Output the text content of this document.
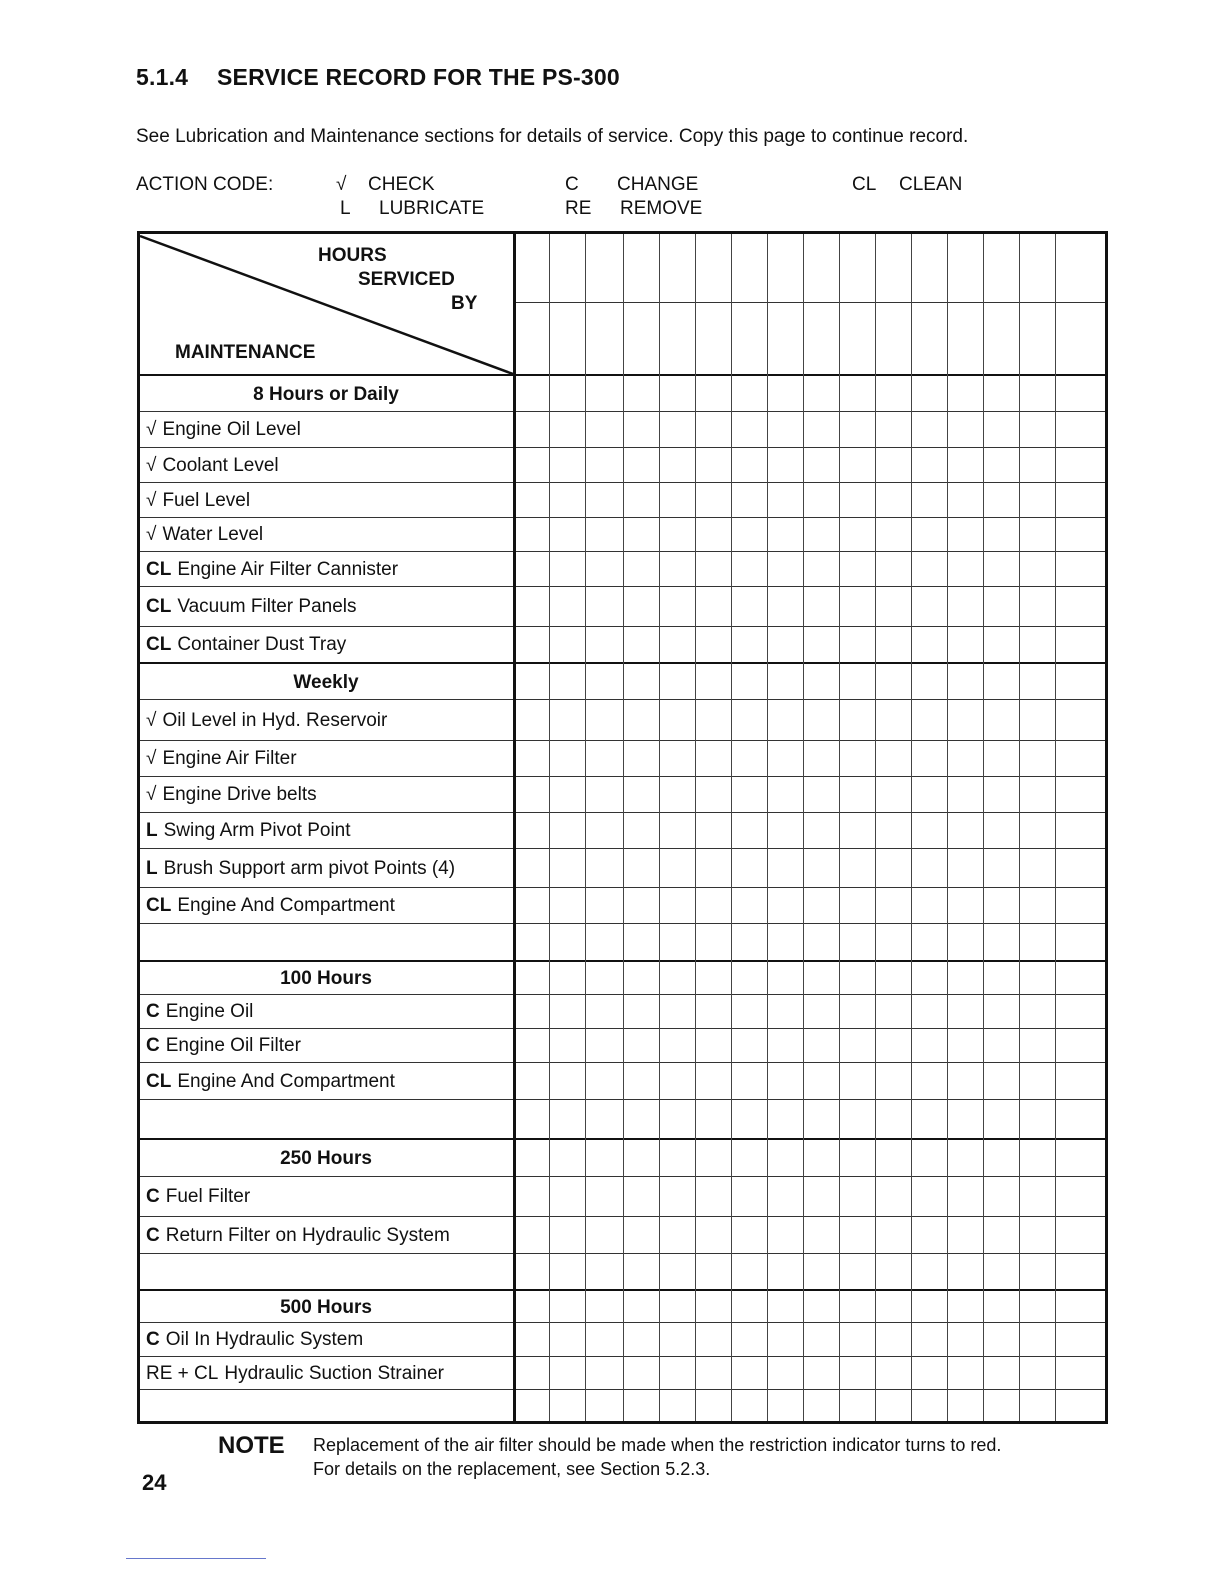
5.1.4 SERVICE RECORD FOR THE PS-300
See Lubrication and Maintenance sections for details of service. Copy this page to continue record.
ACTION CODE:	√ CHECK
L LUBRICATE
C CHANGE
RE REMOVE
CL CLEAN
8 Hours or Daily
√ Engine Oil Level
√ Coolant Level
√ Fuel Level
√ Water Level
CL Engine Air Filter Cannister
CL Vacuum Filter Panels
CL Container Dust Tray
Weekly
√ Oil Level in Hyd. Reservoir
√ Engine Air Filter
√ Engine Drive belts
L Swing Arm Pivot Point
L Brush Support arm pivot Points (4)
CL Engine And Compartment
100 Hours
C Engine Oil
C Engine Oil Filter
CL Engine And Compartment
250 Hours
C Fuel Filter
C Return Filter on Hydraulic System
500 Hours
C Oil In Hydraulic System
RE + CL Hydraulic Suction Strainer
HOURS
SERVICED
BY
MAINTENANCE
NOTE Replacement of the air filter should be made when the restriction indicator turns to red. For details on the replacement, see Section 5.2.3.
24
